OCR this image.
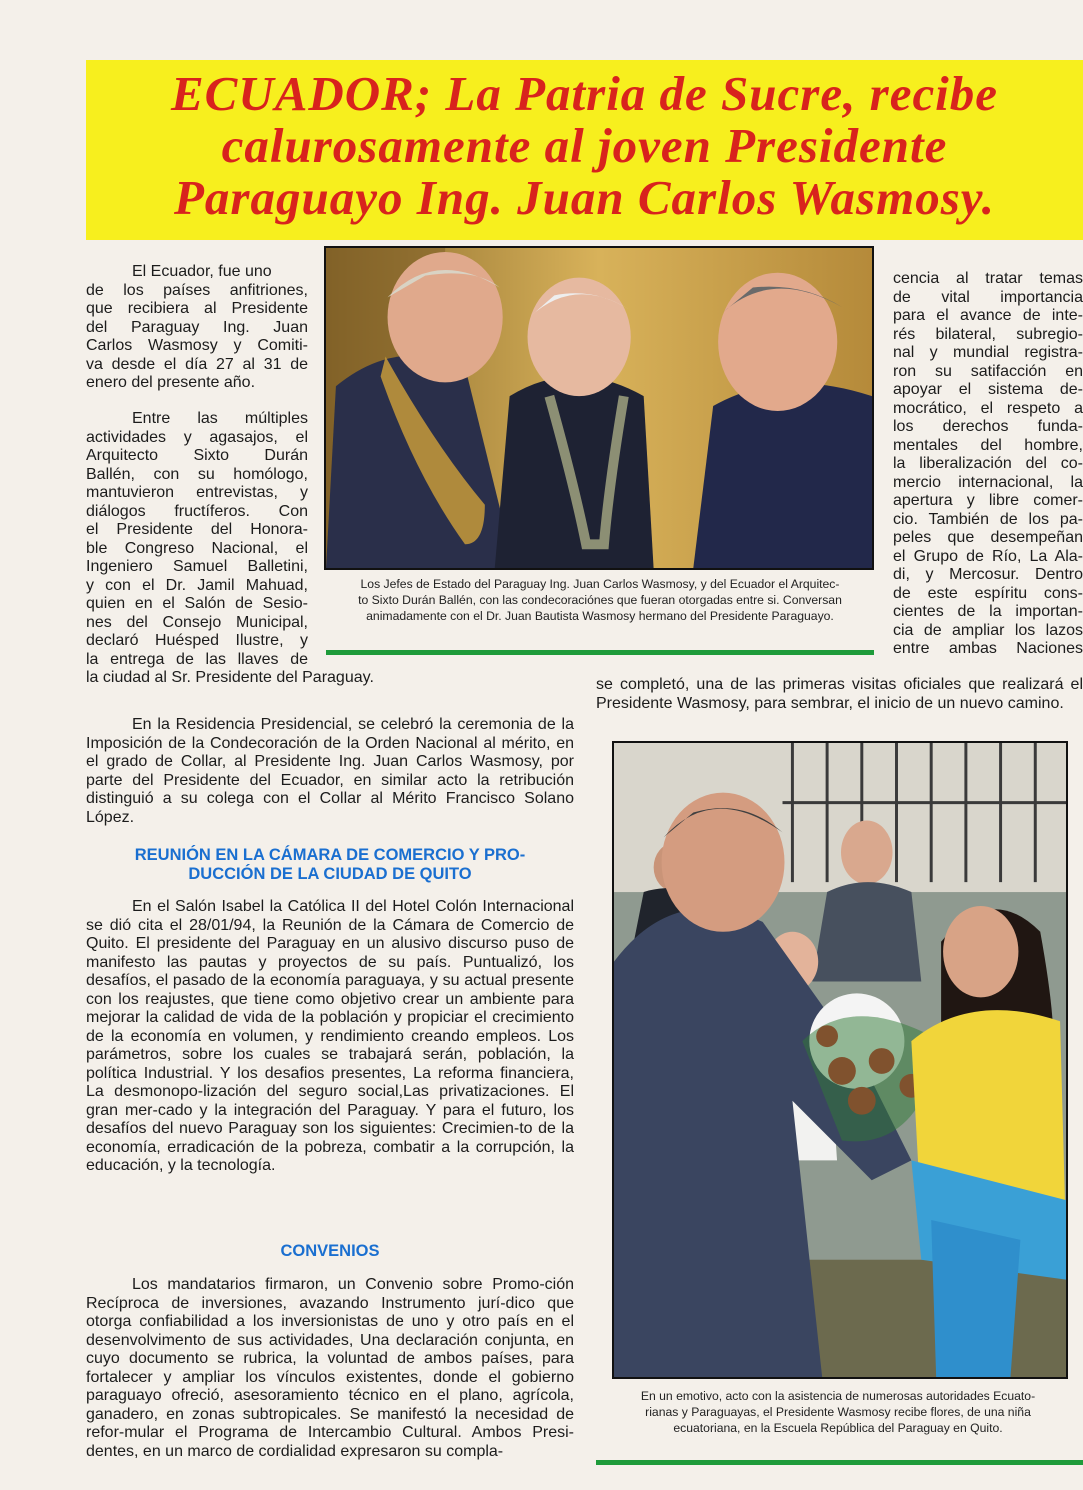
ECUADOR; La Patria de Sucre, recibe
calurosamente al joven Presidente
Paraguayo Ing. Juan Carlos Wasmosy.

Los Jefes de Estado del Paraguay Ing. Juan Carlos Wasmosy, y del Ecuador el Arquitec-
to Sixto Durán Ballén, con las condecoraciónes que fueran otorgadas entre si. Conversan
animadamente con el Dr. Juan Bautista Wasmosy hermano del Presidente Paraguayo.

El Ecuador, fue uno
de los países anfitriones,
que recibiera al Presidente
del Paraguay Ing. Juan
Carlos Wasmosy y Comiti-
va desde el día 27 al 31 de
enero del presente año.
Entre las múltiples
actividades y agasajos, el
Arquitecto Sixto Durán
Ballén, con su homólogo,
mantuvieron entrevistas, y
diálogos fructíferos. Con
el Presidente del Honora-
ble Congreso Nacional, el
Ingeniero Samuel Balletini,
y con el Dr. Jamil Mahuad,
quien en el Salón de Sesio-
nes del Consejo Municipal,
declaró Huésped Ilustre, y
la entrega de las llaves de
la ciudad al Sr. Presidente del Paraguay.
cencia al tratar temas
de vital importancia
para el avance de inte-
rés bilateral, subregio-
nal y mundial registra-
ron su satifacción en
apoyar el sistema de-
mocrático, el respeto a
los derechos funda-
mentales del hombre,
la liberalización del co-
mercio internacional, la
apertura y libre comer-
cio. También de los pa-
peles que desempeñan
el Grupo de Río, La Ala-
di, y Mercosur. Dentro
de este espíritu cons-
cientes de la importan-
cia de ampliar los lazos
entre ambas Naciones

se completó, una de las primeras visitas oficiales que realizará el Presidente Wasmosy, para sembrar, el inicio de un nuevo camino.

En la Residencia Presidencial, se celebró la ceremonia de la Imposición de la Condecoración de la Orden Nacional al mérito, en el grado de Collar, al Presidente Ing. Juan Carlos Wasmosy, por parte del Presidente del Ecuador, en similar acto la retribución distinguió a su colega con el Collar al Mérito Francisco Solano López.

REUNIÓN EN LA CÁMARA DE COMERCIO Y PRO-
DUCCIÓN DE LA CIUDAD DE QUITO

En el Salón Isabel la Católica II del Hotel Colón Internacional se dió cita el 28/01/94, la Reunión de la Cámara de Comercio de Quito. El presidente del Paraguay en un alusivo discurso puso de manifesto las pautas y proyectos de su país. Puntualizó, los desafíos, el pasado de la economía paraguaya, y su actual presente con los reajustes, que tiene como objetivo crear un ambiente para mejorar la calidad de vida de la población y propiciar el crecimiento de la economía en volumen, y rendimiento creando empleos. Los parámetros, sobre los cuales se trabajará serán, población, la política Industrial. Y los desafios presentes, La reforma financiera, La desmonopo-lización del seguro social,Las privatizaciones. El gran mer-cado y la integración del Paraguay. Y para el futuro, los desafíos del nuevo Paraguay son los siguientes: Crecimien-to de la economía, erradicación de la pobreza, combatir a la corrupción, la educación, y la tecnología.

CONVENIOS

Los mandatarios firmaron, un Convenio sobre Promo-ción Recíproca de inversiones, avazando Instrumento jurí-dico que otorga confiabilidad a los inversionistas de uno y otro país en el desenvolvimento de sus actividades, Una declaración conjunta, en cuyo documento se rubrica, la voluntad de ambos países, para fortalecer y ampliar los vínculos existentes, donde el gobierno paraguayo ofreció, asesoramiento técnico en el plano, agrícola, ganadero, en zonas subtropicales. Se manifestó la necesidad de refor-mular el Programa de Intercambio Cultural. Ambos Presi-dentes, en un marco de cordialidad expresaron su compla-

En un emotivo, acto con la asistencia de numerosas autoridades Ecuato-
rianas y Paraguayas, el Presidente Wasmosy recibe flores, de una niña
ecuatoriana, en la Escuela República del Paraguay en Quito.
